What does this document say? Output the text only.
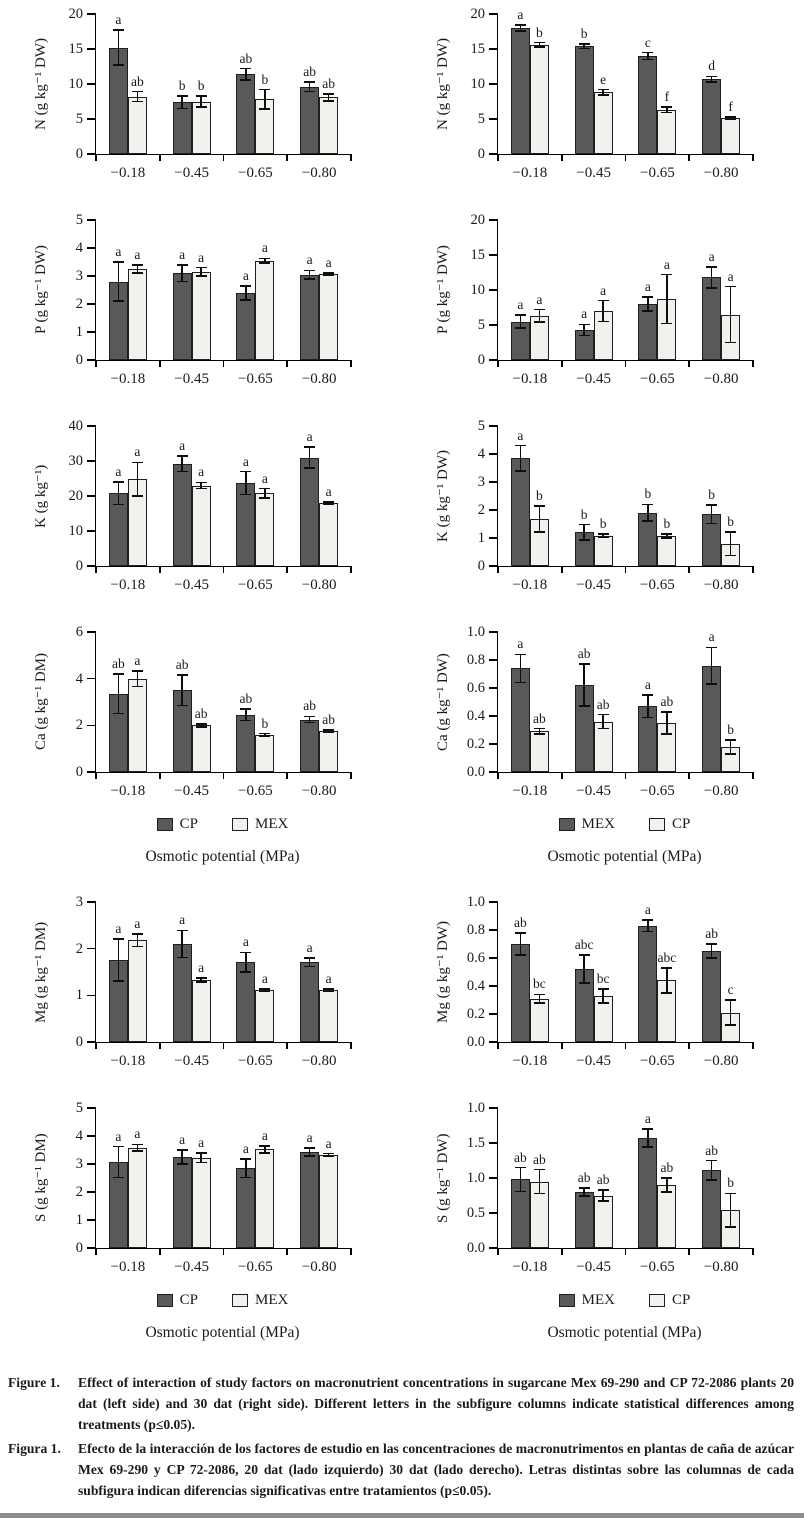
N (g kg⁻¹ DW)
0
5
10
15
20
−0.18
a
ab
−0.45
b b
−0.65
ab
b
−0.80
ab
ab	N (g kg⁻¹ DW)
0
5
10
15
20
−0.18
a
b
−0.45
b
e
−0.65
c
f
−0.80
d
f
P (g kg⁻¹ DW)
0
1
2
3
4
5
−0.18
a a
−0.45
a a
−0.65
a
a
−0.80
a a	P (g kg⁻¹ DW)
0
5
10
15
20
−0.18
a a
−0.45
a
a
−0.65
a
a
−0.80
a
a
K (g kg⁻¹)
0
10
20
30
40
−0.18
a
a
−0.45
a
a
−0.65
a
a
−0.80
a
a	K (g kg⁻¹ DW)
0
1
2
3
4
5
−0.18
a
b
−0.45
b
b
−0.65
b
b
−0.80
b
b
Ca (g kg⁻¹ DM)
0
2
4
6
−0.18
ab a
−0.45
ab
ab
−0.65
ab
b
−0.80
ab
ab
CP	MEX
Osmotic potential (MPa)
Ca (g kg⁻¹ DW)
0.0
0.2
0.4
0.6
0.8
1.0
−0.18
a
ab
−0.45
ab
ab
−0.65
a
ab
−0.80
a
b
MEX	CP
Osmotic potential (MPa)
Mg (g kg⁻¹ DM)
0
1
2
3
−0.18
a a
−0.45
a
a
−0.65
a
a
−0.80
a
a	Mg (g kg⁻¹ DW)
0.0
0.2
0.4
0.6
0.8
1.0
−0.18
ab
bc
−0.45
abc
bc
−0.65
a
abc
−0.80
ab
c
S (g kg⁻¹ DM)
0
1
2
3
4
5
−0.18
a a
−0.45
a a
−0.65
a
a
−0.80
a a
CP	MEX
Osmotic potential (MPa)
S (g kg⁻¹ DW)
0.0
0.5
1.0
1.5
1.0
−0.18
ab ab
−0.45
ab ab
−0.65
a
ab
−0.80
ab
b
MEX	CP
Osmotic potential (MPa)
Figure 1.	Effect of interaction of study factors on macronutrient concentrations in sugarcane Mex 69-290 and CP 72-2086 plants 20 dat (left side) and 30 dat (right side). Different letters in the subfigure columns indicate statistical differences among treatments (p≤0.05).
Figura 1.	Efecto de la interacción de los factores de estudio en las concentraciones de macronutrimentos en plantas de caña de azúcar Mex 69-290 y CP 72-2086, 20 dat (lado izquierdo) 30 dat (lado derecho). Letras distintas sobre las columnas de cada subfigura indican diferencias significativas entre tratamientos (p≤0.05).
